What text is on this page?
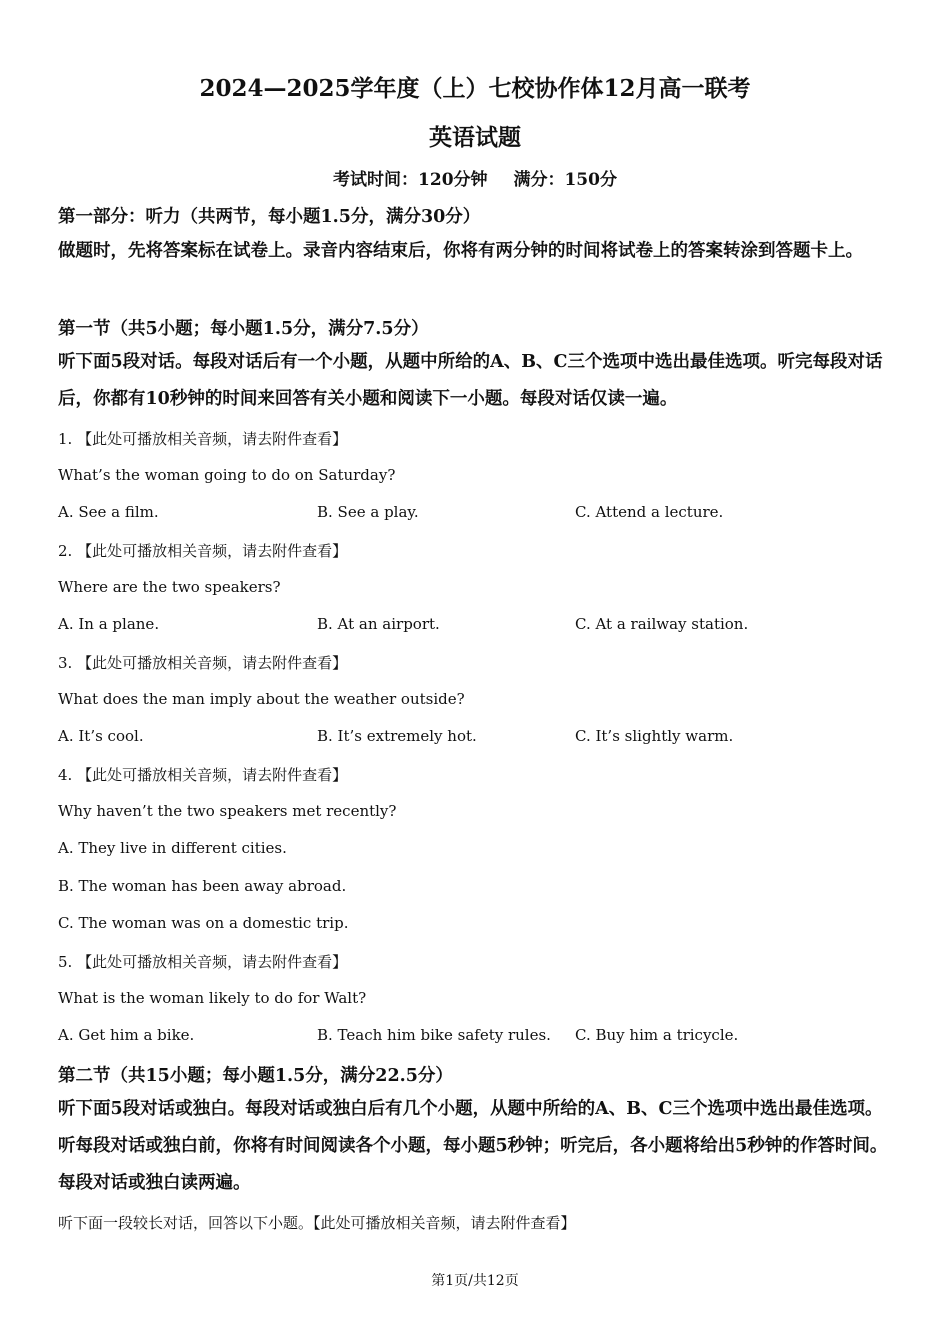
2024—2025学年度（上）七校协作体12月高一联考
英语试题
考试时间：120分钟 满分：150分
第一部分：听力（共两节，每小题1.5分，满分30分）
做题时，先将答案标在试卷上。录音内容结束后，你将有两分钟的时间将试卷上的答案转涂到答题卡上。
第一节（共5小题；每小题1.5分，满分7.5分）
听下面5段对话。每段对话后有一个小题，从题中所给的A、B、C三个选项中选出最佳选项。听完每段对话后，你都有10秒钟的时间来回答有关小题和阅读下一小题。每段对话仅读一遍。
1. 【此处可播放相关音频，请去附件查看】
What’s the woman going to do on Saturday?
A. See a film.	B. See a play.	C. Attend a lecture.
2. 【此处可播放相关音频，请去附件查看】
Where are the two speakers?
A. In a plane.	B. At an airport.	C. At a railway station.
3. 【此处可播放相关音频，请去附件查看】
What does the man imply about the weather outside?
A. It’s cool.	B. It’s extremely hot.	C. It’s slightly warm.
4. 【此处可播放相关音频，请去附件查看】
Why haven’t the two speakers met recently?
A. They live in different cities.
B. The woman has been away abroad.
C. The woman was on a domestic trip.
5. 【此处可播放相关音频，请去附件查看】
What is the woman likely to do for Walt?
A. Get him a bike.	B. Teach him bike safety rules.	C. Buy him a tricycle.
第二节（共15小题；每小题1.5分，满分22.5分）
听下面5段对话或独白。每段对话或独白后有几个小题，从题中所给的A、B、C三个选项中选出最佳选项。听每段对话或独白前，你将有时间阅读各个小题，每小题5秒钟；听完后，各小题将给出5秒钟的作答时间。每段对话或独白读两遍。
听下面一段较长对话，回答以下小题。【此处可播放相关音频，请去附件查看】
第1页/共12页
